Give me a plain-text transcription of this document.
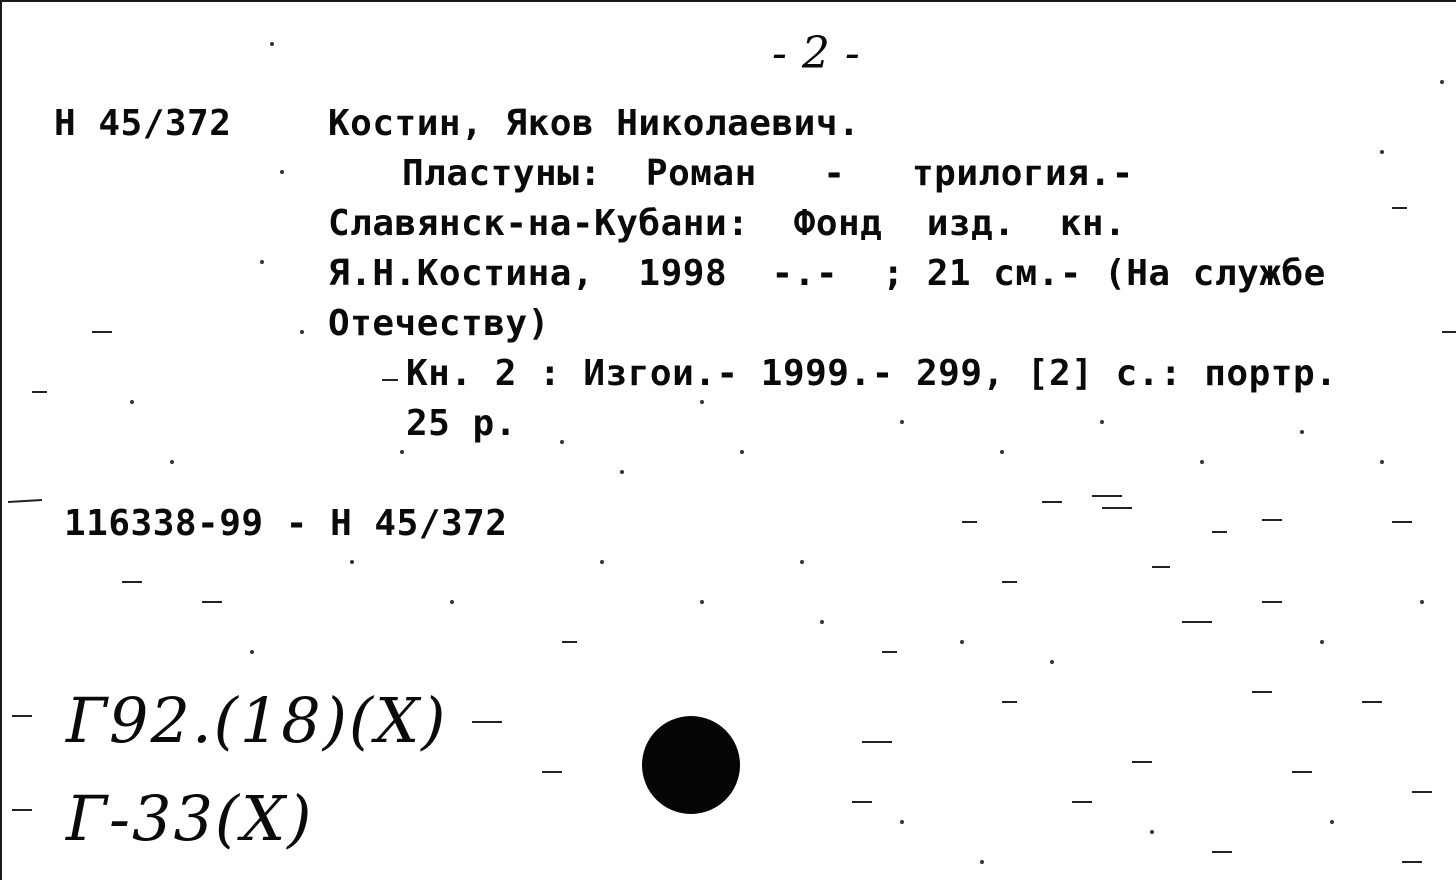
- 2 -
Н 45/372	Костин, Яков Николаевич.
Пластуны:  Роман   -   трилогия.-
Славянск-на-Кубани:  Фонд  изд.  кн.
Я.Н.Костина,  1998  -.-  ; 21 см.- (На службе
Отечеству)
Кн. 2 : Изгои.- 1999.- 299, [2] с.: портр.
25 р.
116338-99 - Н 45/372
Г92.(18)(Х)
Г-33(Х)
